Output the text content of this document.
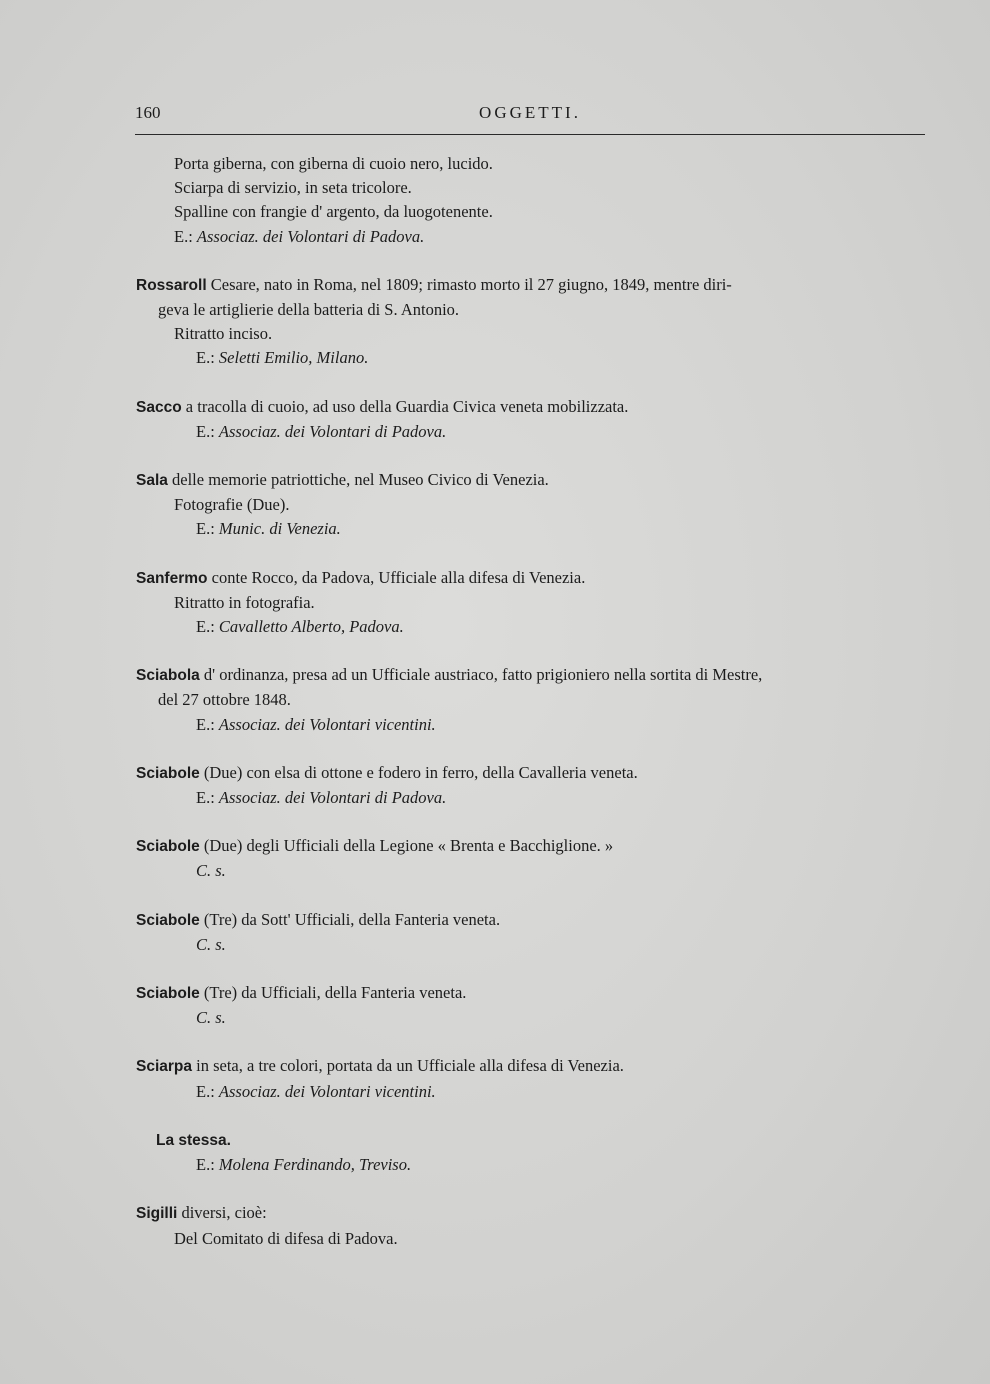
160	OGGETTI.
Porta giberna, con giberna di cuoio nero, lucido.
Sciarpa di servizio, in seta tricolore.
Spalline con frangie d' argento, da luogotenente.
E.: Associaz. dei Volontari di Padova.
Rossaroll Cesare, nato in Roma, nel 1809; rimasto morto il 27 giugno, 1849, mentre diri-
geva le artiglierie della batteria di S. Antonio.
Ritratto inciso.
E.: Seletti Emilio, Milano.
Sacco a tracolla di cuoio, ad uso della Guardia Civica veneta mobilizzata.
E.: Associaz. dei Volontari di Padova.
Sala delle memorie patriottiche, nel Museo Civico di Venezia.
Fotografie (Due).
E.: Munic. di Venezia.
Sanfermo conte Rocco, da Padova, Ufficiale alla difesa di Venezia.
Ritratto in fotografia.
E.: Cavalletto Alberto, Padova.
Sciabola d' ordinanza, presa ad un Ufficiale austriaco, fatto prigioniero nella sortita di Mestre,
del 27 ottobre 1848.
E.: Associaz. dei Volontari vicentini.
Sciabole (Due) con elsa di ottone e fodero in ferro, della Cavalleria veneta.
E.: Associaz. dei Volontari di Padova.
Sciabole (Due) degli Ufficiali della Legione « Brenta e Bacchiglione. »
C. s.
Sciabole (Tre) da Sott' Ufficiali, della Fanteria veneta.
C. s.
Sciabole (Tre) da Ufficiali, della Fanteria veneta.
C. s.
Sciarpa in seta, a tre colori, portata da un Ufficiale alla difesa di Venezia.
E.: Associaz. dei Volontari vicentini.
La stessa.
E.: Molena Ferdinando, Treviso.
Sigilli diversi, cioè:
Del Comitato di difesa di Padova.
